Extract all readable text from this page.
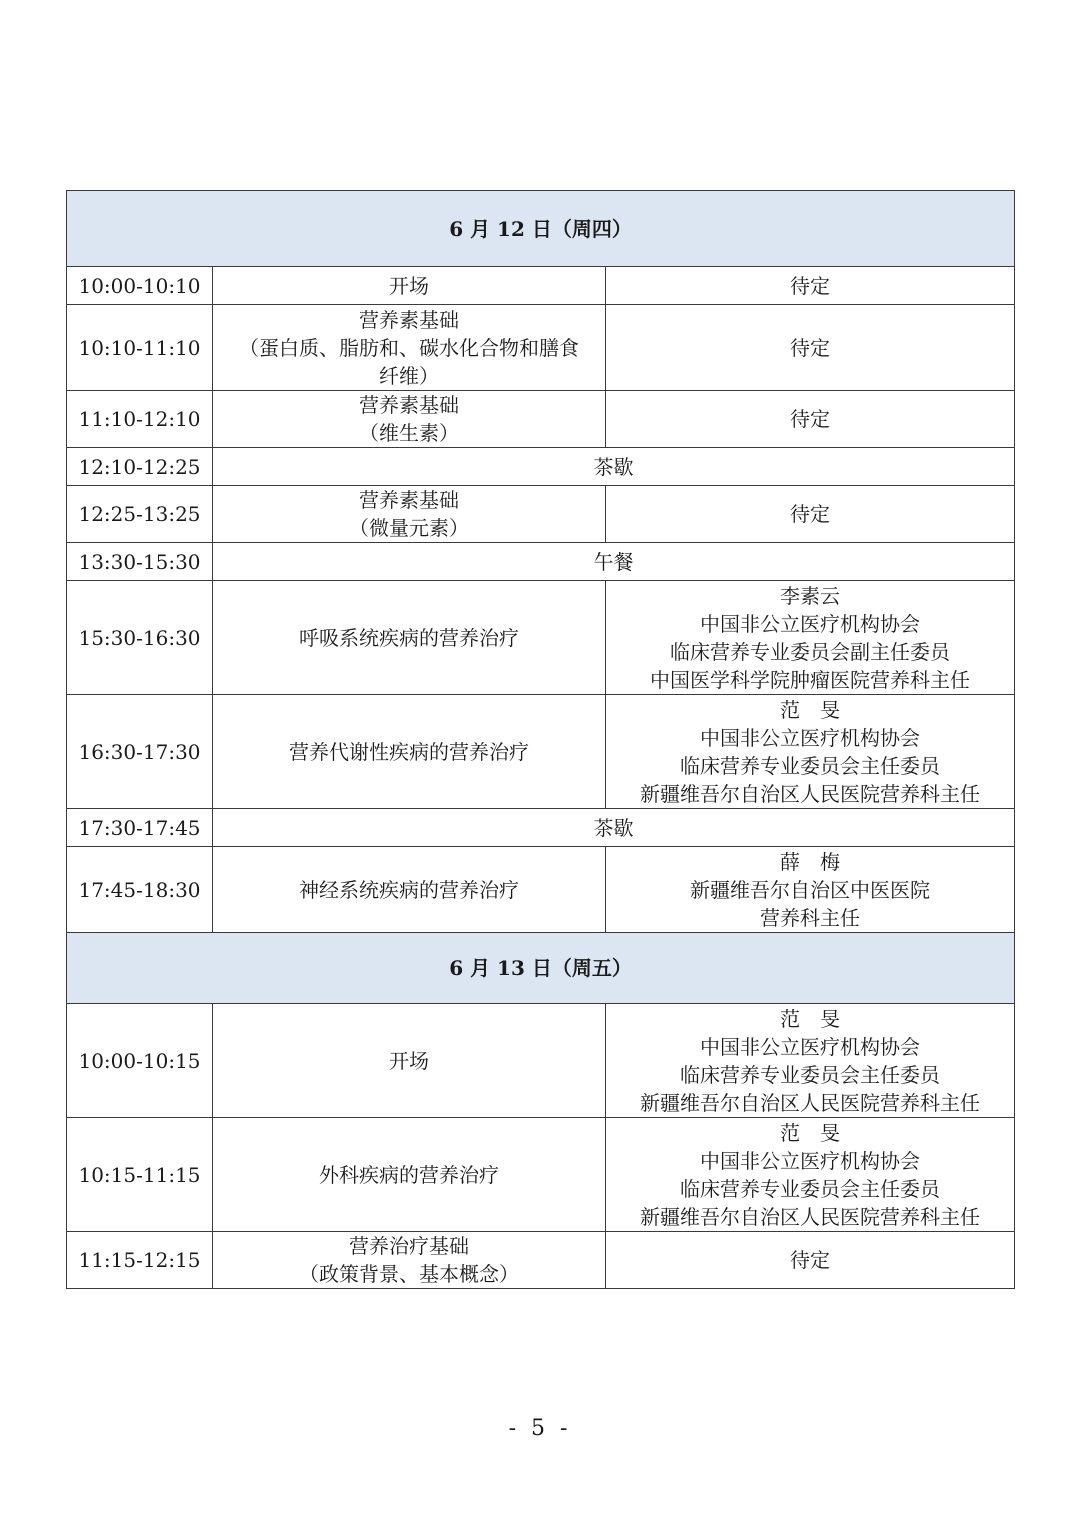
6 月 12 日（周四）		
10:00-10:10	开场	待定

10:10-11:10	营养素基础
（蛋白质、脂肪和、碳水化合物和膳食
纤维）	待定

11:10-12:10	营养素基础
（维生素）	待定

12:10-12:25	茶歇	
12:25-13:25	营养素基础
（微量元素）	待定

13:30-15:30	午餐	
15:30-16:30	呼吸系统疾病的营养治疗	李素云
中国非公立医疗机构协会
临床营养专业委员会副主任委员
中国医学科学院肿瘤医院营养科主任

16:30-17:30	营养代谢性疾病的营养治疗	范　旻
中国非公立医疗机构协会
临床营养专业委员会主任委员
新疆维吾尔自治区人民医院营养科主任

17:30-17:45	茶歇	
17:45-18:30	神经系统疾病的营养治疗	薛　梅
新疆维吾尔自治区中医医院
营养科主任

6 月 13 日（周五）		
10:00-10:15	开场	范　旻
中国非公立医疗机构协会
临床营养专业委员会主任委员
新疆维吾尔自治区人民医院营养科主任

10:15-11:15	外科疾病的营养治疗	范　旻
中国非公立医疗机构协会
临床营养专业委员会主任委员
新疆维吾尔自治区人民医院营养科主任

11:15-12:15	营养治疗基础
（政策背景、基本概念）	待定
- 5 -
